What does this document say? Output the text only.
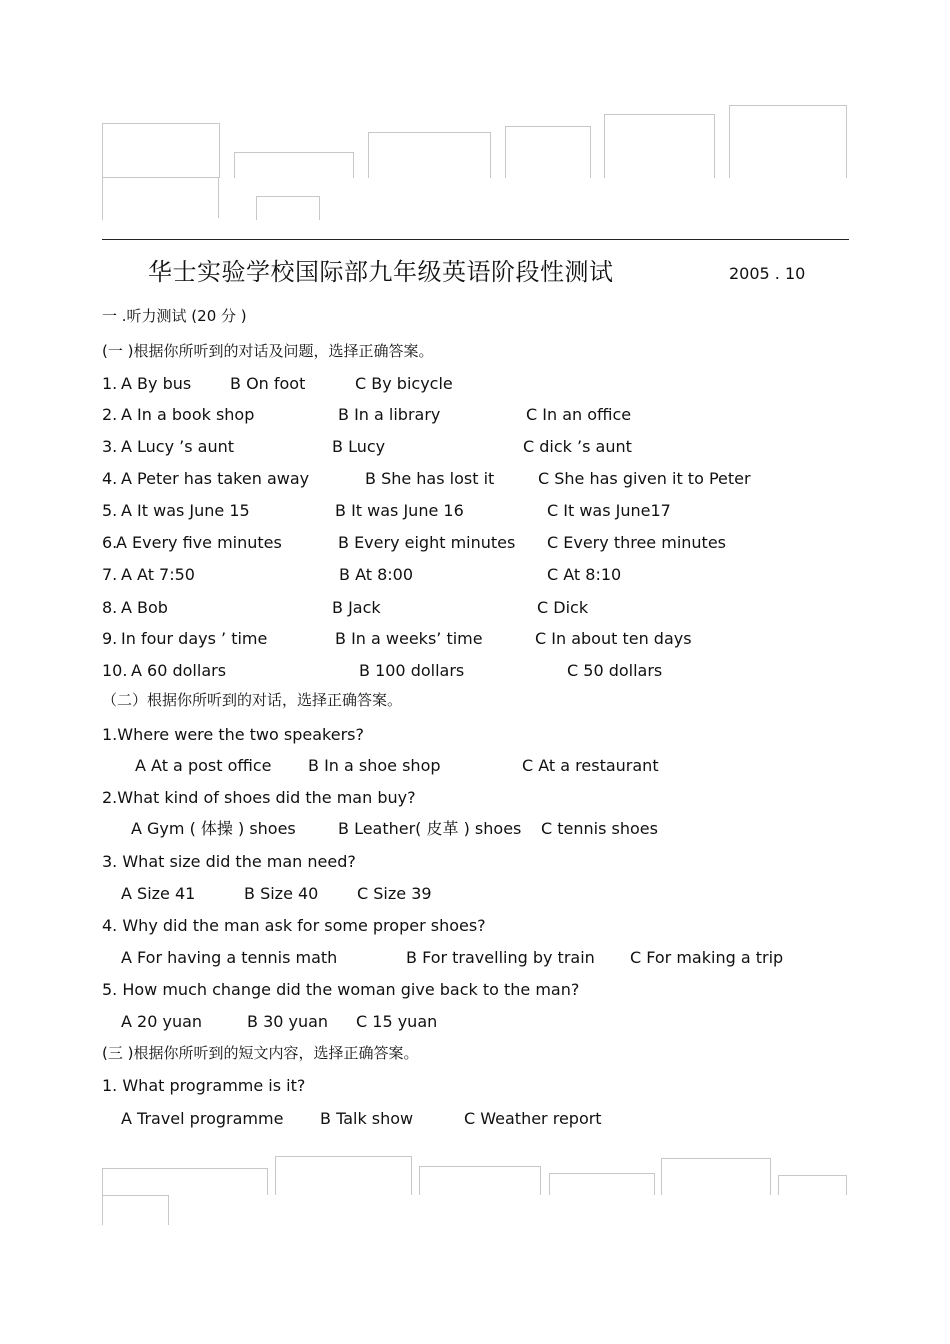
华士实验学校国际部九年级英语阶段性测试	2005 . 10
一 .听力测试 (20 分 )
(一 )根据你所听到的对话及问题，选择正确答案。
1. A By bus B On foot	C By bicycle
2. A In a book shop	B In a library	C In an office
3. A Lucy ’s aunt	B Lucy	C dick ’s aunt
4. A Peter has taken away	B She has lost it	C She has given it to Peter
5. A It was June 15	B It was June 16	C It was June17
6.
A Every five minutes	B Every eight minutes C Every three minutes
7. A At 7:50	B At 8:00	C At 8:10
8. A Bob	B Jack	C Dick
9. In four days ’ time	B In a weeks’ time	C In about ten days
10. A 60 dollars	B 100 dollars	C 50 dollars
（二）根据你所听到的对话，选择正确答案。
1.Where were the two speakers?
A At a post office B In a shoe shop	C At a restaurant
2.What kind of shoes did the man buy?
A Gym ( 体操 ) shoes	B Leather( 皮革 ) shoes C tennis shoes
3. What size did the man need?
A Size 41	B Size 40 C Size 39
4. Why did the man ask for some proper shoes?
A For having a tennis math	B For travelling by train C For making a trip
5. How much change did the woman give back to the man?
A 20 yuan	B 30 yuan C 15 yuan
(三 )根据你所听到的短文内容，选择正确答案。
1. What programme is it?
A Travel programme B Talk show	C Weather report
